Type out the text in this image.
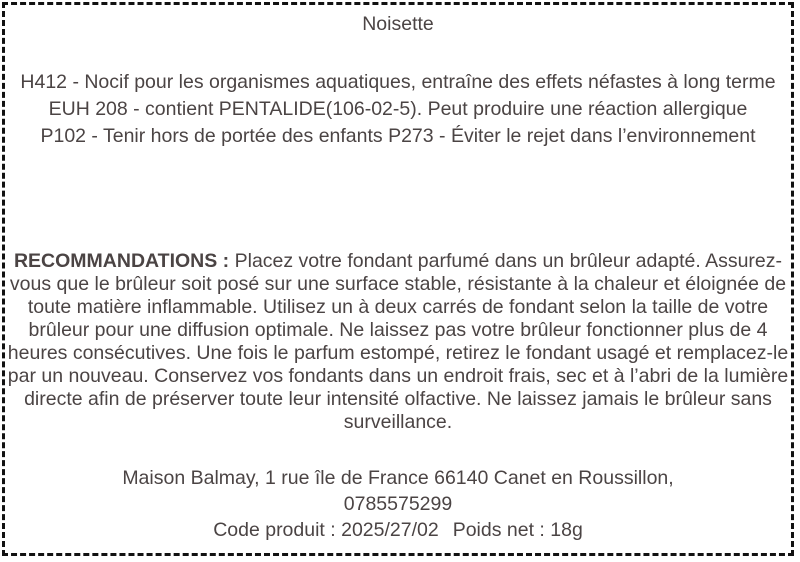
Noisette

H412 - Nocif pour les organismes aquatiques, entraîne des effets néfastes à long terme

EUH 208 - contient PENTALIDE(106-02-5). Peut produire une réaction allergique

P102 - Tenir hors de portée des enfants P273 - Éviter le rejet dans l’environnement

RECOMMANDATIONS : Placez votre fondant parfumé dans un brûleur adapté. Assurez-vous que le brûleur soit posé sur une surface stable, résistante à la chaleur et éloignée de toute matière inflammable. Utilisez un à deux carrés de fondant selon la taille de votre brûleur pour une diffusion optimale. Ne laissez pas votre brûleur fonctionner plus de 4 heures consécutives. Une fois le parfum estompé, retirez le fondant usagé et remplacez-le par un nouveau. Conservez vos fondants dans un endroit frais, sec et à l’abri de la lumière directe afin de préserver toute leur intensité olfactive. Ne laissez jamais le brûleur sans surveillance.

Maison Balmay, 1 rue île de France 66140 Canet en Roussillon,
0785575299
Code produit : 2025/27/02 Poids net : 18g
